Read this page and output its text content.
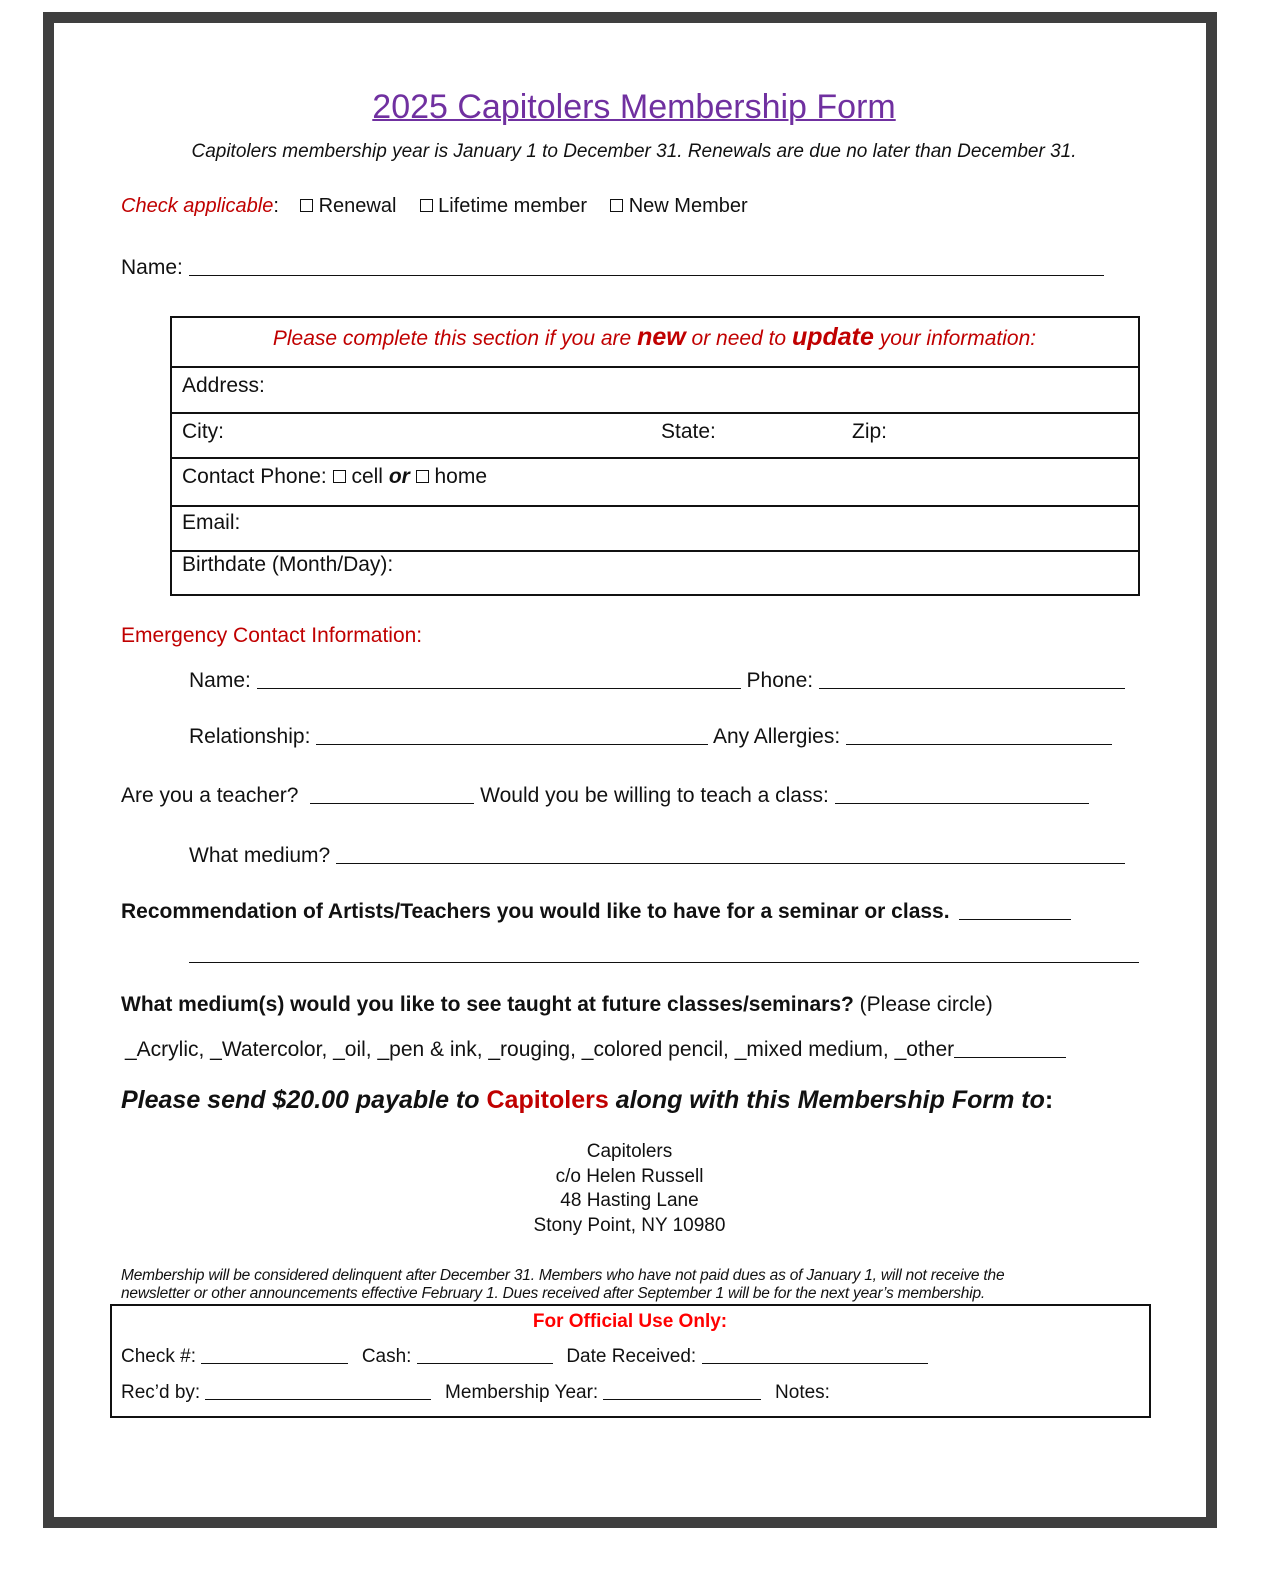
2025 Capitolers Membership Form
Capitolers membership year is January 1 to December 31. Renewals are due no later than December 31.
Check applicable: Renewal Lifetime member New Member
Name:
Please complete this section if you are new or need to update your information:
Address:
City:	State:	Zip:
Contact Phone: cell or home
Email:
Birthdate (Month/Day):
Emergency Contact Information:
Name:	Phone:
Relationship:	Any Allergies:
Are you a teacher?	Would you be willing to teach a class:
What medium?
Recommendation of Artists/Teachers you would like to have for a seminar or class.
What medium(s) would you like to see taught at future classes/seminars? (Please circle)
_Acrylic, _Watercolor, _oil, _pen & ink, _rouging, _colored pencil, _mixed medium, _other
Please send $20.00 payable to Capitolers along with this Membership Form to:
Capitolers
c/o Helen Russell
48 Hasting Lane
Stony Point, NY 10980
Membership will be considered delinquent after December 31. Members who have not paid dues as of January 1, will not receive the
newsletter or other announcements effective February 1. Dues received after September 1 will be for the next year’s membership.
For Official Use Only:
Check #:	Cash:	Date Received:
Rec’d by:	Membership Year:	Notes:
